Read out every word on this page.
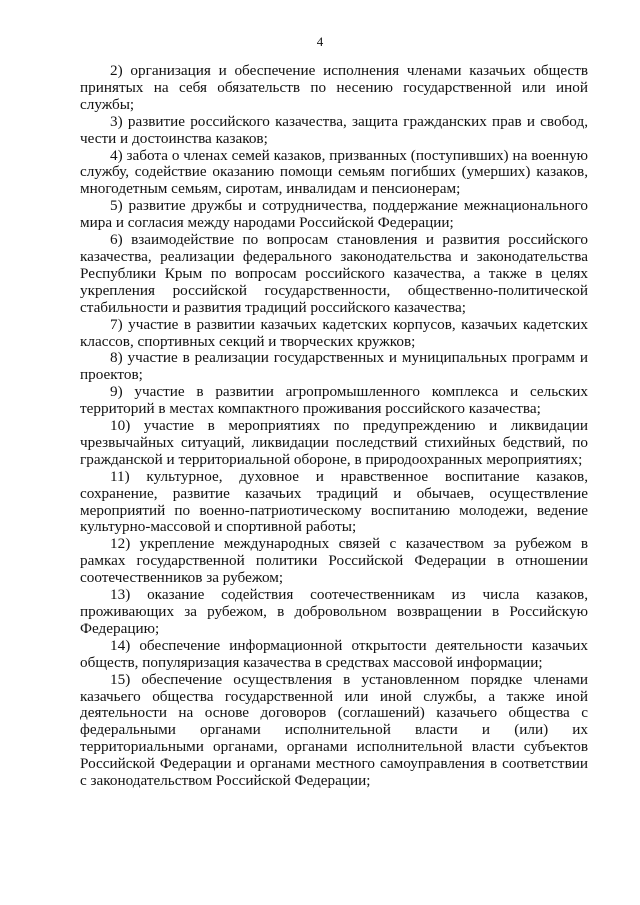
4

2) организация и обеспечение исполнения членами казачьих обществ принятых на себя обязательств по несению государственной или иной службы;

3) развитие российского казачества, защита гражданских прав и свобод, чести и достоинства казаков;

4) забота о членах семей казаков, призванных (поступивших) на военную службу, содействие оказанию помощи семьям погибших (умерших) казаков, многодетным семьям, сиротам, инвалидам и пенсионерам;

5) развитие дружбы и сотрудничества, поддержание межнационального мира и согласия между народами Российской Федерации;

6) взаимодействие по вопросам становления и развития российского казачества, реализации федерального законодательства и законодательства Республики Крым по вопросам российского казачества, а также в целях укрепления российской государственности, общественно-политической стабильности и развития традиций российского казачества;

7) участие в развитии казачьих кадетских корпусов, казачьих кадетских классов, спортивных секций и творческих кружков;

8) участие в реализации государственных и муниципальных программ и проектов;

9) участие в развитии агропромышленного комплекса и сельских территорий в местах компактного проживания российского казачества;

10) участие в мероприятиях по предупреждению и ликвидации чрезвычайных ситуаций, ликвидации последствий стихийных бедствий, по гражданской и территориальной обороне, в природоохранных мероприятиях;

11) культурное, духовное и нравственное воспитание казаков, сохранение, развитие казачьих традиций и обычаев, осуществление мероприятий по военно-патриотическому воспитанию молодежи, ведение культурно-массовой и спортивной работы;

12) укрепление международных связей с казачеством за рубежом в рамках государственной политики Российской Федерации в отношении соотечественников за рубежом;

13) оказание содействия соотечественникам из числа казаков, проживающих за рубежом, в добровольном возвращении в Российскую Федерацию;

14) обеспечение информационной открытости деятельности казачьих обществ, популяризация казачества в средствах массовой информации;

15) обеспечение осуществления в установленном порядке членами казачьего общества государственной или иной службы, а также иной деятельности на основе договоров (соглашений) казачьего общества с федеральными органами исполнительной власти и (или) их территориальными органами, органами исполнительной власти субъектов Российской Федерации и органами местного самоуправления в соответствии с законодательством Российской Федерации;
